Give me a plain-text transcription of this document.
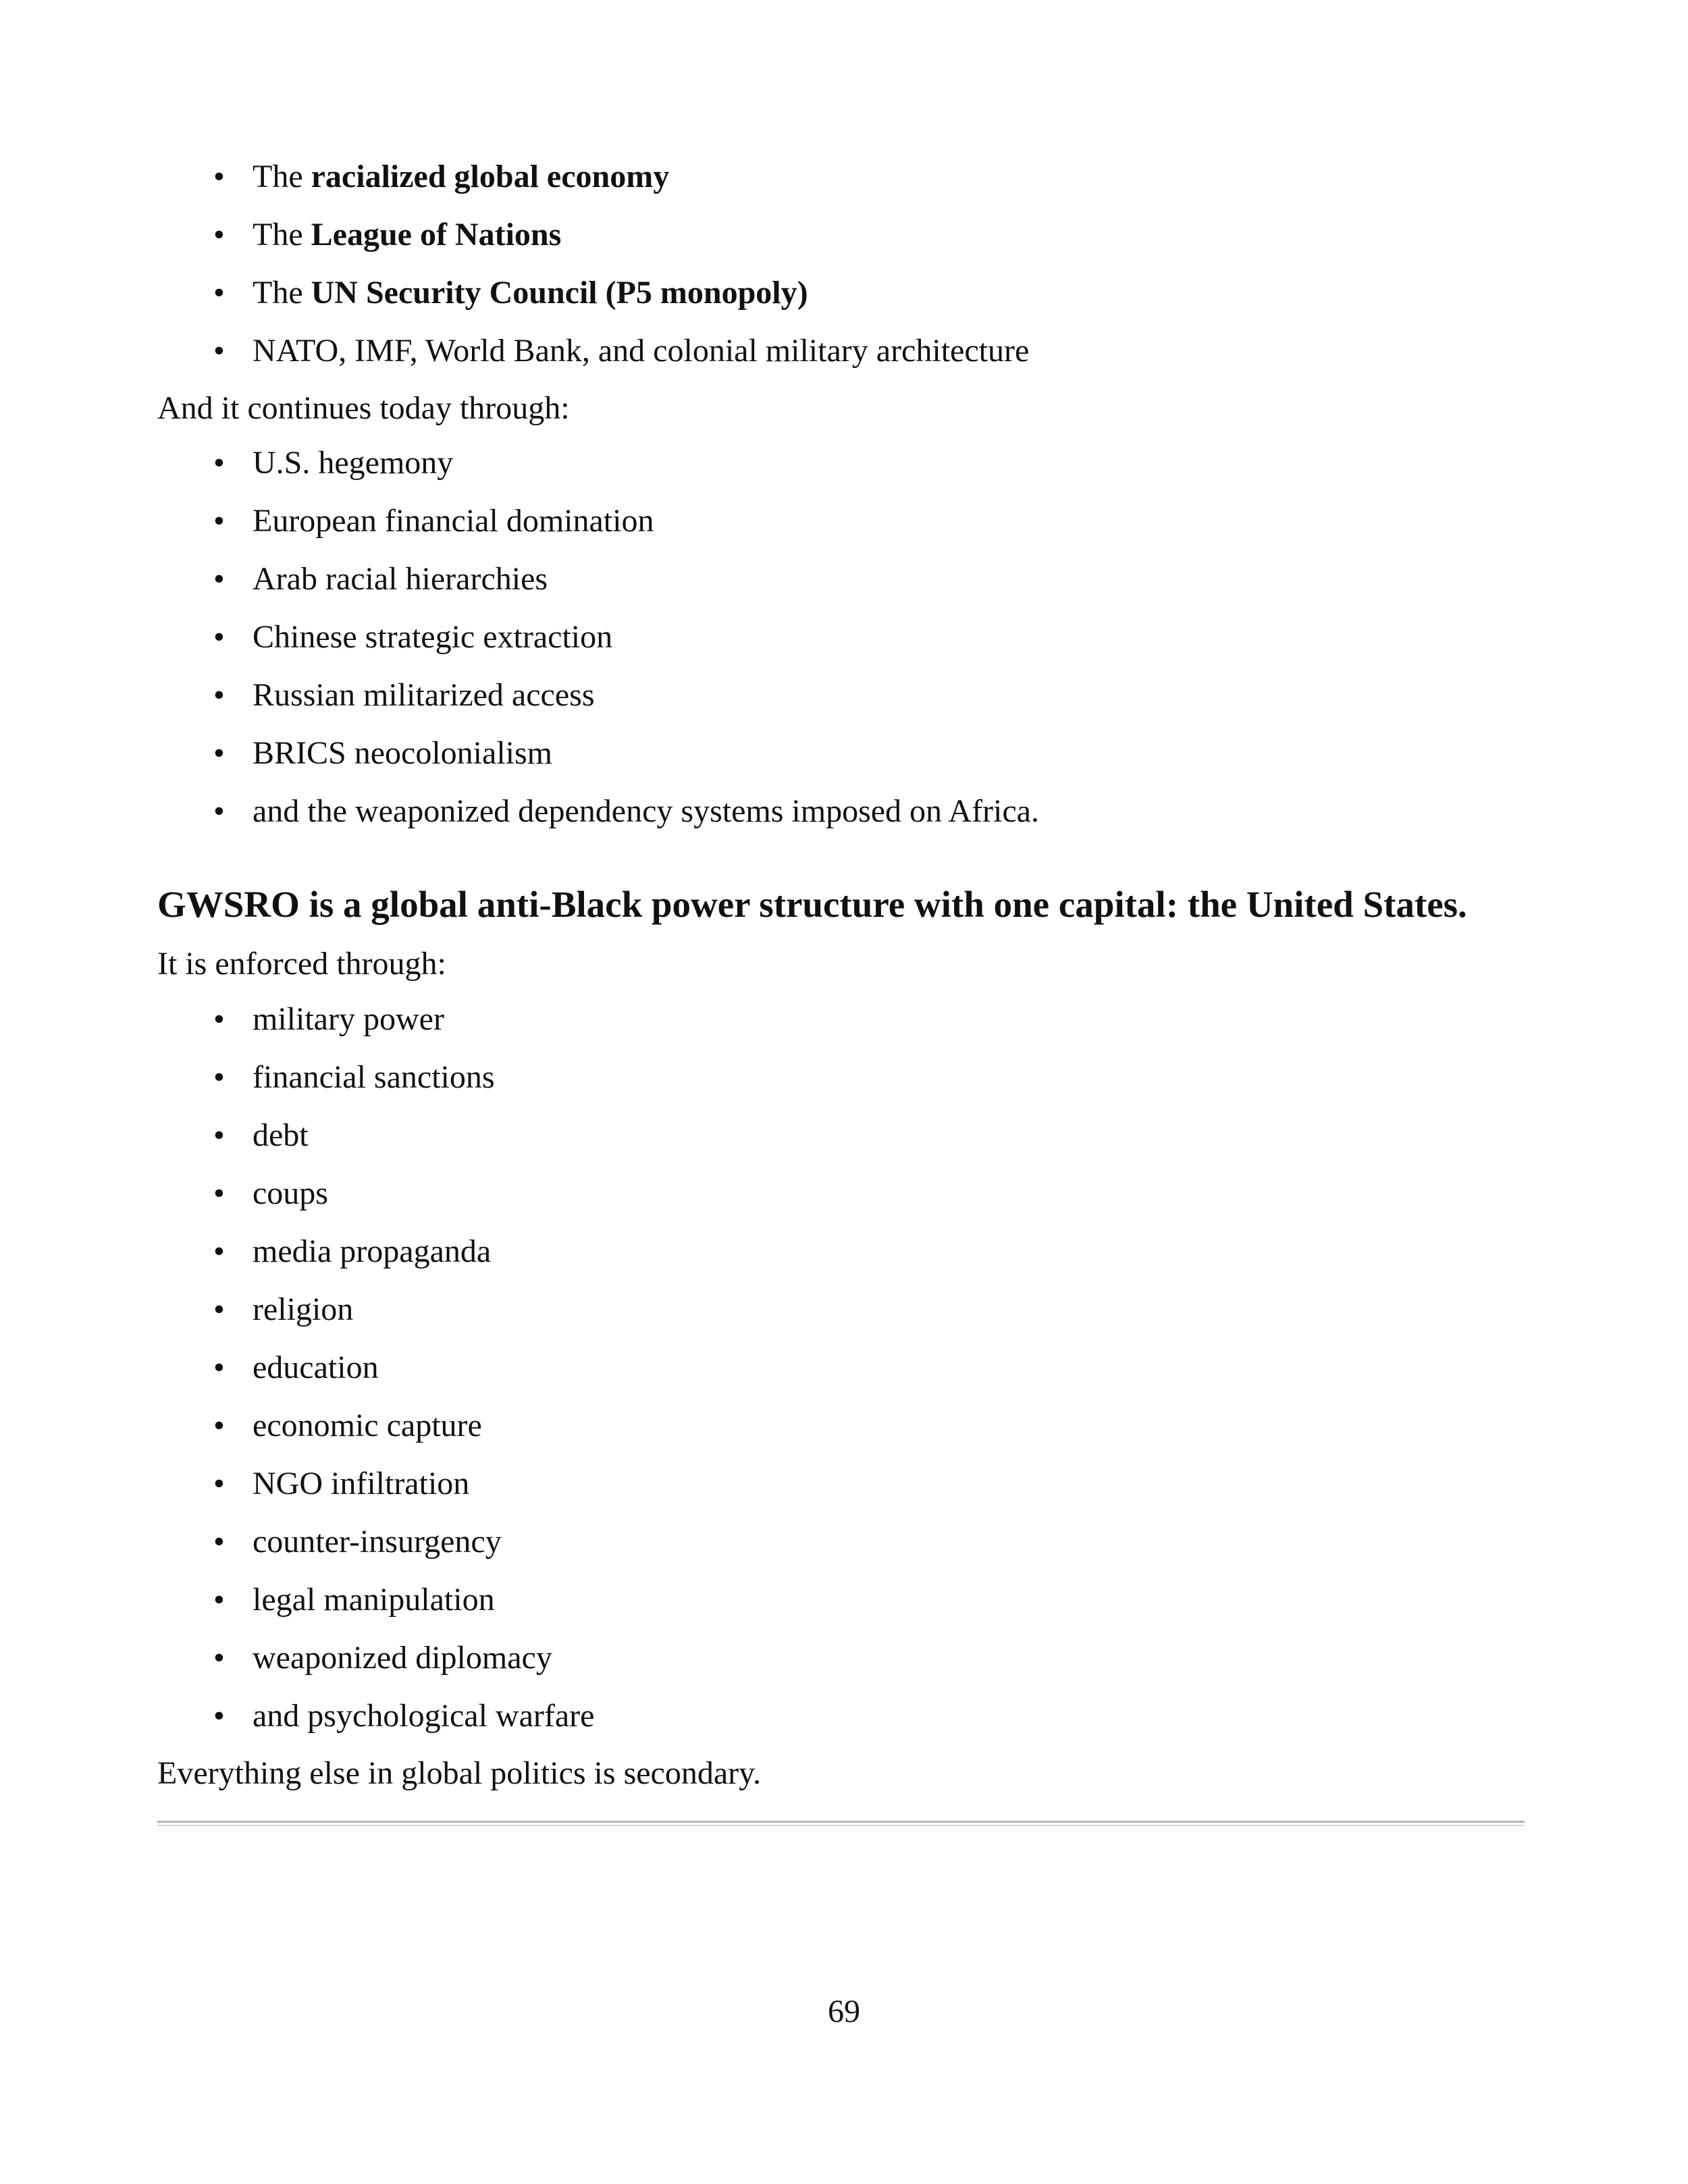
• The racialized global economy
• The League of Nations
• The UN Security Council (P5 monopoly)
• NATO, IMF, World Bank, and colonial military architecture
And it continues today through:
• U.S. hegemony
• European financial domination
• Arab racial hierarchies
• Chinese strategic extraction
• Russian militarized access
• BRICS neocolonialism
• and the weaponized dependency systems imposed on Africa.
GWSRO is a global anti-Black power structure with one capital: the United States.
It is enforced through:
• military power
• financial sanctions
• debt
• coups
• media propaganda
• religion
• education
• economic capture
• NGO infiltration
• counter-insurgency
• legal manipulation
• weaponized diplomacy
• and psychological warfare
Everything else in global politics is secondary.
69
